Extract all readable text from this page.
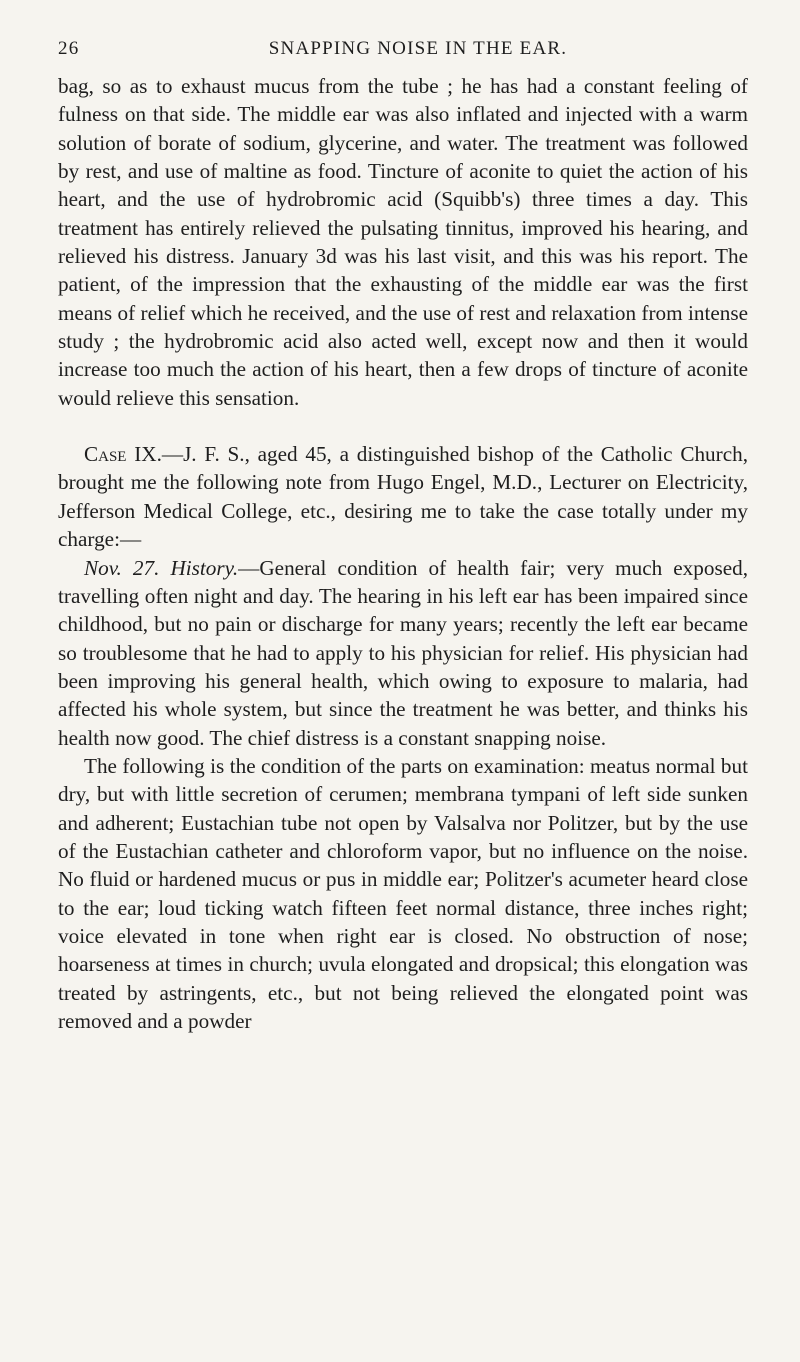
26	SNAPPING NOISE IN THE EAR.

bag, so as to exhaust mucus from the tube ; he has had a constant feeling of fulness on that side. The middle ear was also inflated and injected with a warm solution of borate of sodium, glycerine, and water. The treatment was followed by rest, and use of maltine as food. Tincture of aconite to quiet the action of his heart, and the use of hydrobromic acid (Squibb's) three times a day. This treatment has entirely relieved the pulsating tinnitus, improved his hearing, and relieved his distress. January 3d was his last visit, and this was his report. The patient, of the impression that the exhausting of the middle ear was the first means of relief which he received, and the use of rest and relaxation from intense study ; the hydrobromic acid also acted well, except now and then it would increase too much the action of his heart, then a few drops of tincture of aconite would relieve this sensation.

Case IX.—J. F. S., aged 45, a distinguished bishop of the Catholic Church, brought me the following note from Hugo Engel, M.D., Lecturer on Electricity, Jefferson Medical College, etc., desiring me to take the case totally under my charge:—

Nov. 27. History.—General condition of health fair; very much exposed, travelling often night and day. The hearing in his left ear has been impaired since childhood, but no pain or discharge for many years; recently the left ear became so troublesome that he had to apply to his physician for relief. His physician had been improving his general health, which owing to exposure to malaria, had affected his whole system, but since the treatment he was better, and thinks his health now good. The chief distress is a constant snapping noise.

The following is the condition of the parts on examination: meatus normal but dry, but with little secretion of cerumen; membrana tympani of left side sunken and adherent; Eustachian tube not open by Valsalva nor Politzer, but by the use of the Eustachian catheter and chloroform vapor, but no influence on the noise. No fluid or hardened mucus or pus in middle ear; Politzer's acumeter heard close to the ear; loud ticking watch fifteen feet normal distance, three inches right; voice elevated in tone when right ear is closed. No obstruction of nose; hoarseness at times in church; uvula elongated and dropsical; this elongation was treated by astringents, etc., but not being relieved the elongated point was removed and a powder
